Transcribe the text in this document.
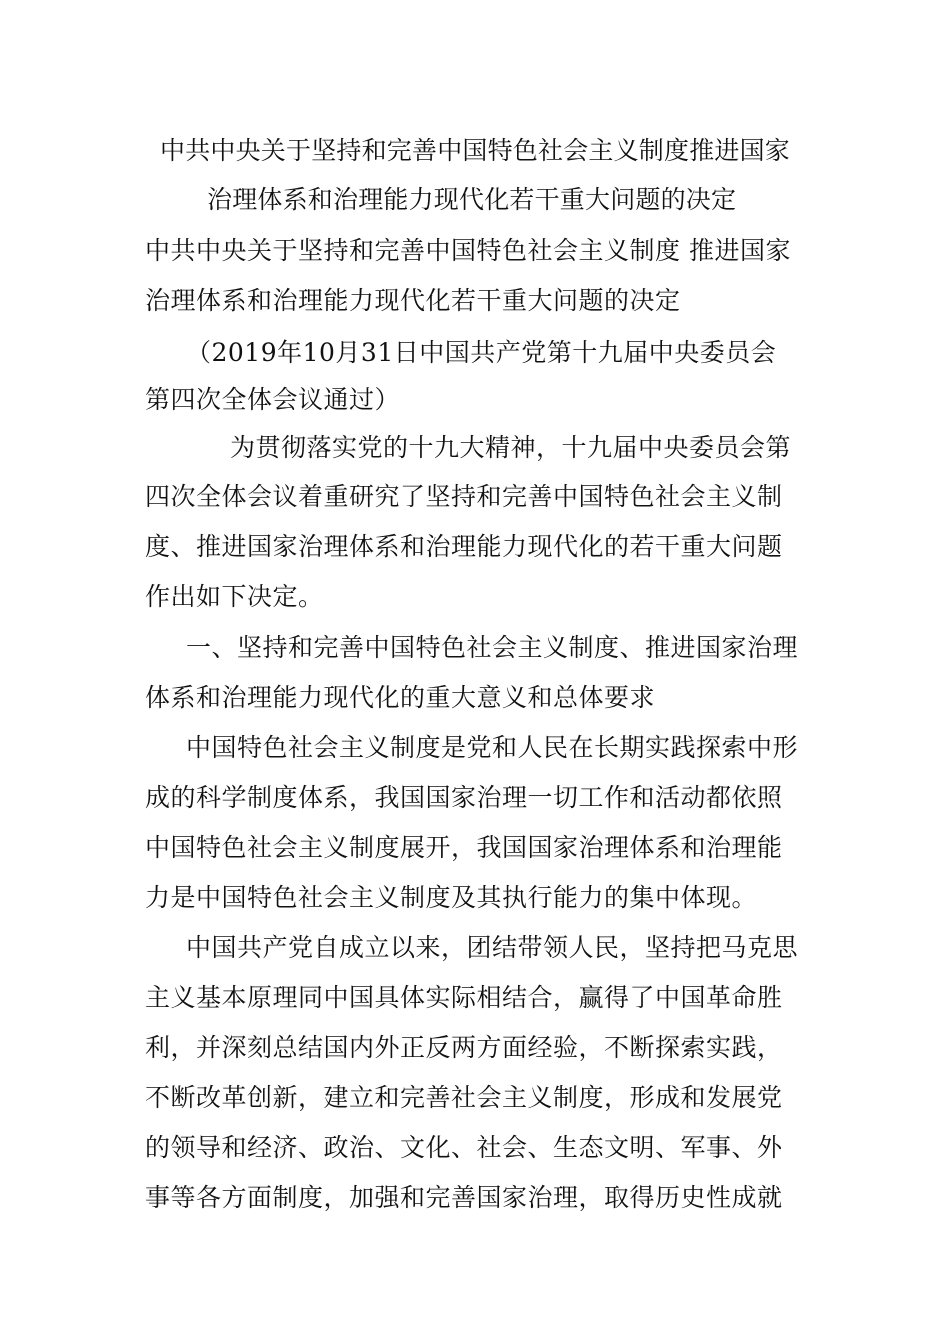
中共中央关于坚持和完善中国特色社会主义制度推进国家
治理体系和治理能力现代化若干重大问题的决定
中共中央关于坚持和完善中国特色社会主义制度 推进国家
治理体系和治理能力现代化若干重大问题的决定
（2019年10月31日中国共产党第十九届中央委员会
第四次全体会议通过）
为贯彻落实党的十九大精神，十九届中央委员会第
四次全体会议着重研究了坚持和完善中国特色社会主义制
度、推进国家治理体系和治理能力现代化的若干重大问题
作出如下决定。
一、坚持和完善中国特色社会主义制度、推进国家治理
体系和治理能力现代化的重大意义和总体要求
中国特色社会主义制度是党和人民在长期实践探索中形
成的科学制度体系，我国国家治理一切工作和活动都依照
中国特色社会主义制度展开，我国国家治理体系和治理能
力是中国特色社会主义制度及其执行能力的集中体现。
中国共产党自成立以来，团结带领人民，坚持把马克思
主义基本原理同中国具体实际相结合，赢得了中国革命胜
利，并深刻总结国内外正反两方面经验，不断探索实践，
不断改革创新，建立和完善社会主义制度，形成和发展党
的领导和经济、政治、文化、社会、生态文明、军事、外
事等各方面制度，加强和完善国家治理，取得历史性成就
